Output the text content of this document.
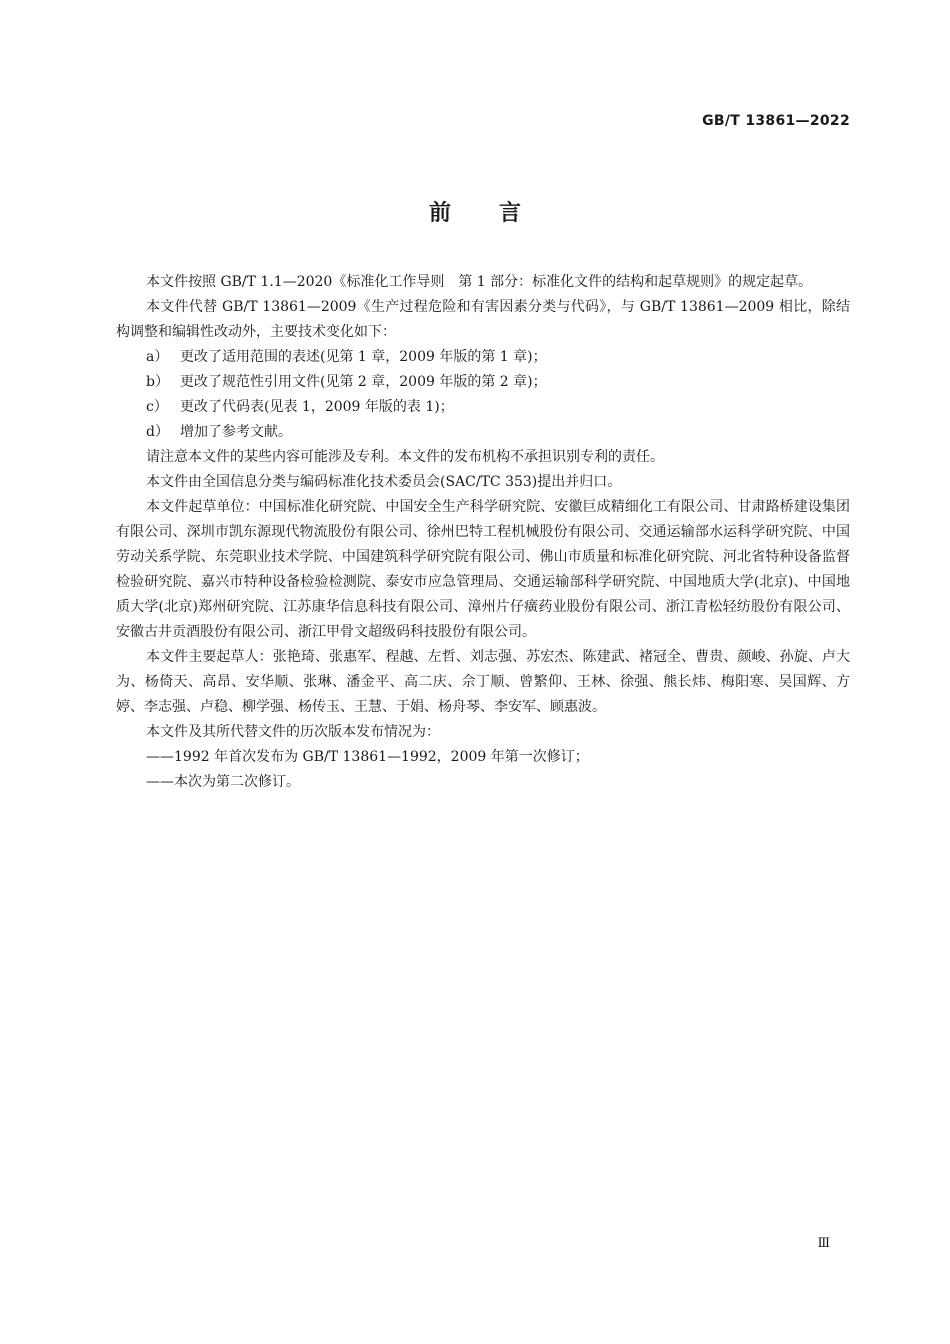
GB/T 13861—2022
前言

本文件按照 GB/T 1.1—2020《标准化工作导则　第 1 部分：标准化文件的结构和起草规则》的规定起草。

本文件代替 GB/T 13861—2009《生产过程危险和有害因素分类与代码》，与 GB/T 13861—2009 相比，除结构调整和编辑性改动外，主要技术变化如下：

a） 更改了适用范围的表述(见第 1 章，2009 年版的第 1 章)；

b） 更改了规范性引用文件(见第 2 章，2009 年版的第 2 章)；

c） 更改了代码表(见表 1，2009 年版的表 1)；

d） 增加了参考文献。

请注意本文件的某些内容可能涉及专利。本文件的发布机构不承担识别专利的责任。

本文件由全国信息分类与编码标准化技术委员会(SAC/TC 353)提出并归口。

本文件起草单位：中国标准化研究院、中国安全生产科学研究院、安徽巨成精细化工有限公司、甘肃路桥建设集团有限公司、深圳市凯东源现代物流股份有限公司、徐州巴特工程机械股份有限公司、交通运输部水运科学研究院、中国劳动关系学院、东莞职业技术学院、中国建筑科学研究院有限公司、佛山市质量和标准化研究院、河北省特种设备监督检验研究院、嘉兴市特种设备检验检测院、泰安市应急管理局、交通运输部科学研究院、中国地质大学(北京)、中国地质大学(北京)郑州研究院、江苏康华信息科技有限公司、漳州片仔癀药业股份有限公司、浙江青松轻纺股份有限公司、安徽古井贡酒股份有限公司、浙江甲骨文超级码科技股份有限公司。

本文件主要起草人：张艳琦、张惠军、程越、左哲、刘志强、苏宏杰、陈建武、褚冠全、曹贵、颜峻、孙旋、卢大为、杨倚天、高昂、安华顺、张琳、潘金平、高二庆、佘丁顺、曾繁仰、王林、徐强、熊长炜、梅阳寒、吴国辉、方婷、李志强、卢稳、柳学强、杨传玉、王慧、于娟、杨舟琴、李安军、顾惠波。

本文件及其所代替文件的历次版本发布情况为：

——1992 年首次发布为 GB/T 13861—1992，2009 年第一次修订；

——本次为第二次修订。

Ⅲ
